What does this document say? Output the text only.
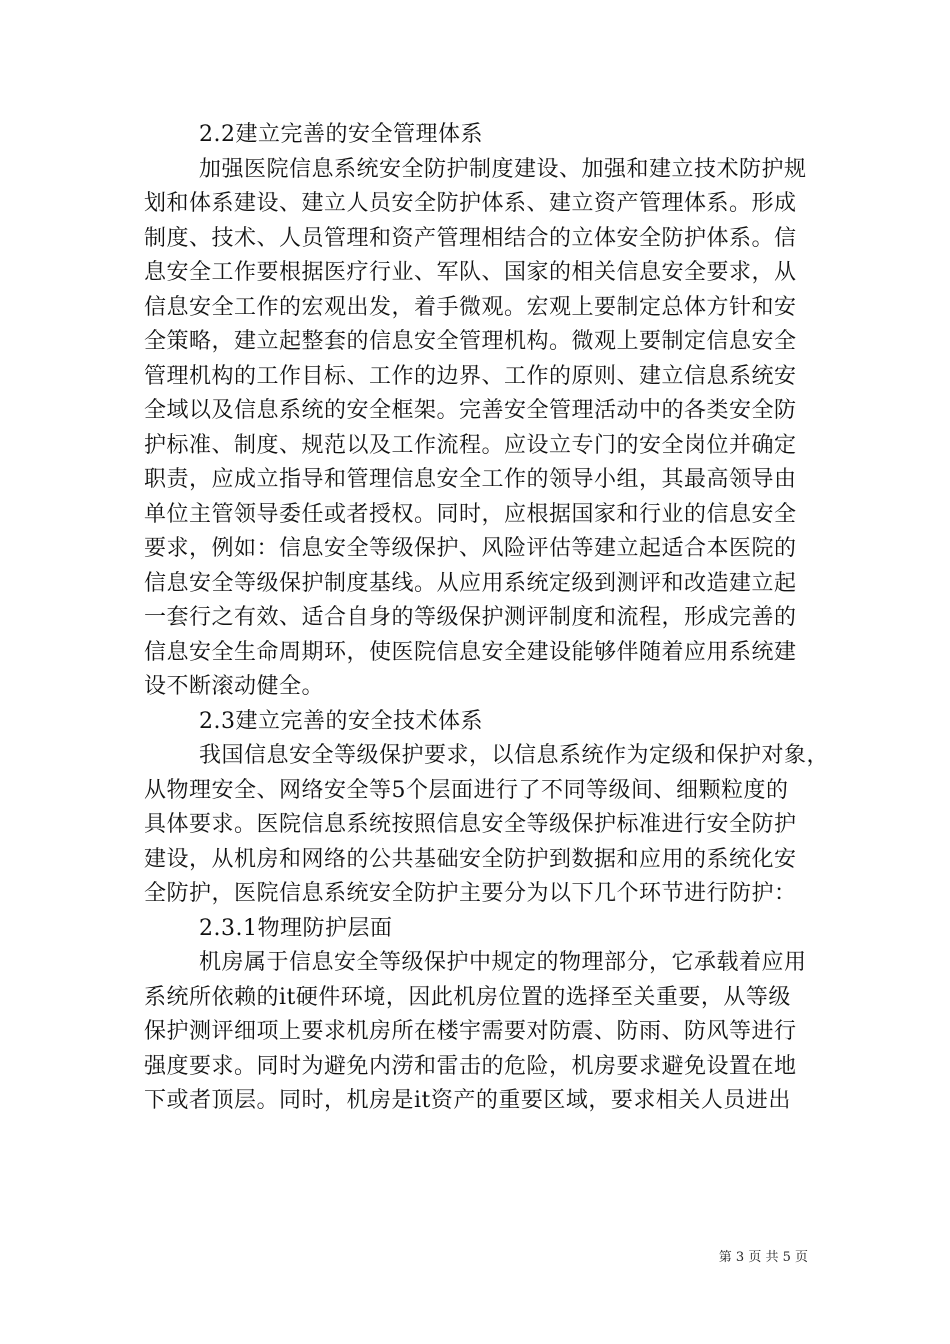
2.2建立完善的安全管理体系
加强医院信息系统安全防护制度建设、加强和建立技术防护规
划和体系建设、建立人员安全防护体系、建立资产管理体系。形成
制度、技术、人员管理和资产管理相结合的立体安全防护体系。信
息安全工作要根据医疗行业、军队、国家的相关信息安全要求，从
信息安全工作的宏观出发，着手微观。宏观上要制定总体方针和安
全策略，建立起整套的信息安全管理机构。微观上要制定信息安全
管理机构的工作目标、工作的边界、工作的原则、建立信息系统安
全域以及信息系统的安全框架。完善安全管理活动中的各类安全防
护标准、制度、规范以及工作流程。应设立专门的安全岗位并确定
职责，应成立指导和管理信息安全工作的领导小组，其最高领导由
单位主管领导委任或者授权。同时，应根据国家和行业的信息安全
要求，例如：信息安全等级保护、风险评估等建立起适合本医院的
信息安全等级保护制度基线。从应用系统定级到测评和改造建立起
一套行之有效、适合自身的等级保护测评制度和流程，形成完善的
信息安全生命周期环，使医院信息安全建设能够伴随着应用系统建
设不断滚动健全。
2.3建立完善的安全技术体系
我国信息安全等级保护要求，以信息系统作为定级和保护对象，
从物理安全、网络安全等5个层面进行了不同等级间、细颗粒度的
具体要求。医院信息系统按照信息安全等级保护标准进行安全防护
建设，从机房和网络的公共基础安全防护到数据和应用的系统化安
全防护，医院信息系统安全防护主要分为以下几个环节进行防护：
2.3.1物理防护层面
机房属于信息安全等级保护中规定的物理部分，它承载着应用
系统所依赖的it硬件环境，因此机房位置的选择至关重要，从等级
保护测评细项上要求机房所在楼宇需要对防震、防雨、防风等进行
强度要求。同时为避免内涝和雷击的危险，机房要求避免设置在地
下或者顶层。同时，机房是it资产的重要区域，要求相关人员进出
第 3 页 共 5 页
